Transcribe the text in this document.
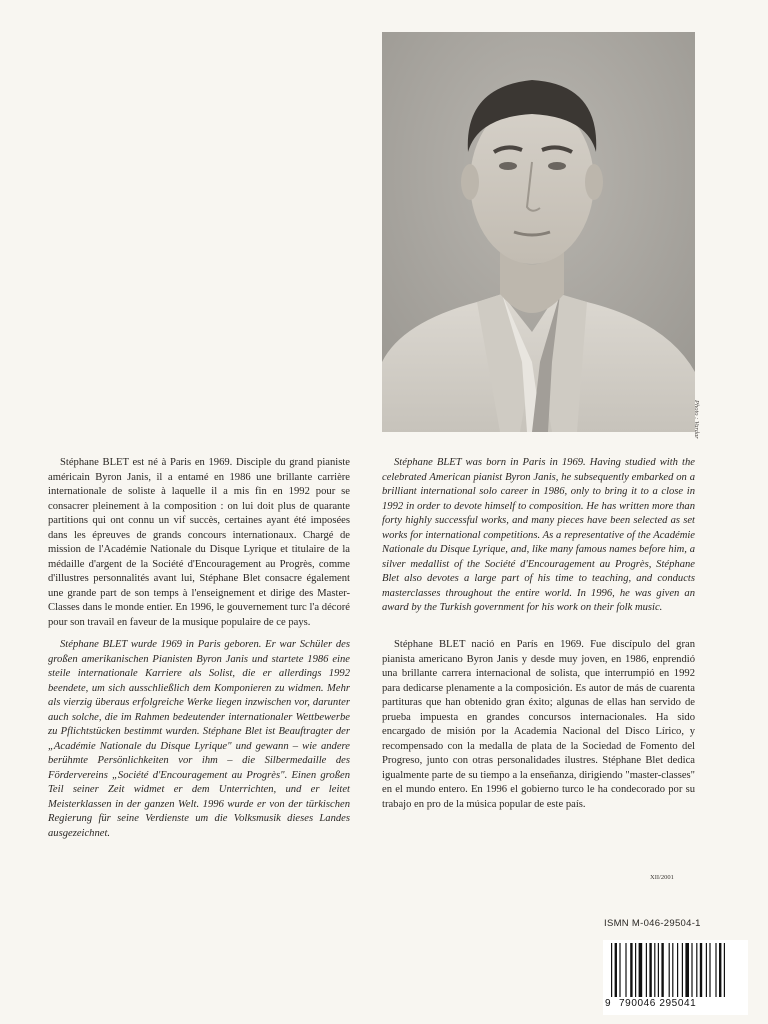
Photo : Vardar

Stéphane BLET est né à Paris en 1969. Disciple du grand pianiste américain Byron Janis, il a entamé en 1986 une brillante carrière internationale de soliste à laquelle il a mis fin en 1992 pour se consacrer pleinement à la composition : on lui doit plus de quarante partitions qui ont connu un vif succès, certaines ayant été imposées dans les épreuves de grands concours internationaux. Chargé de mission de l'Académie Nationale du Disque Lyrique et titulaire de la médaille d'argent de la Société d'Encouragement au Progrès, comme d'illustres personnalités avant lui, Stéphane Blet consacre également une grande part de son temps à l'enseignement et dirige des Master-Classes dans le monde entier. En 1996, le gouvernement turc l'a décoré pour son travail en faveur de la musique populaire de ce pays.

Stéphane BLET was born in Paris in 1969. Having studied with the celebrated American pianist Byron Janis, he subsequently embarked on a brilliant international solo career in 1986, only to bring it to a close in 1992 in order to devote himself to composition. He has written more than forty highly successful works, and many pieces have been selected as set works for international competitions. As a representative of the Académie Nationale du Disque Lyrique, and, like many famous names before him, a silver medallist of the Société d'Encouragement au Progrès, Stéphane Blet also devotes a large part of his time to teaching, and conducts masterclasses throughout the entire world. In 1996, he was given an award by the Turkish government for his work on their folk music.

Stéphane BLET wurde 1969 in Paris geboren. Er war Schüler des großen amerikanischen Pianisten Byron Janis und startete 1986 eine steile internationale Karriere als Solist, die er allerdings 1992 beendete, um sich ausschließlich dem Komponieren zu widmen. Mehr als vierzig überaus erfolgreiche Werke liegen inzwischen vor, darunter auch solche, die im Rahmen bedeutender internationaler Wettbewerbe zu Pflichtstücken bestimmt wurden. Stéphane Blet ist Beauftragter der „Académie Nationale du Disque Lyrique" und gewann – wie andere berühmte Persönlichkeiten vor ihm – die Silbermedaille des Fördervereins „Société d'Encouragement au Progrès". Einen großen Teil seiner Zeit widmet er dem Unterrichten, und er leitet Meisterklassen in der ganzen Welt. 1996 wurde er von der türkischen Regierung für seine Verdienste um die Volksmusik dieses Landes ausgezeichnet.

Stéphane BLET nació en París en 1969. Fue discípulo del gran pianista americano Byron Janis y desde muy joven, en 1986, enprendió una brillante carrera internacional de solista, que interrumpió en 1992 para dedicarse plenamente a la composición. Es autor de más de cuarenta partituras que han obtenido gran éxito; algunas de ellas han servido de prueba impuesta en grandes concursos internacionales. Ha sido encargado de misión por la Academia Nacional del Disco Lírico, y recompensado con la medalla de plata de la Sociedad de Fomento del Progreso, junto con otras personalidades ilustres. Stéphane Blet dedica igualmente parte de su tiempo a la enseñanza, dirigiendo "master-classes" en el mundo entero. En 1996 el gobierno turco le ha condecorado por su trabajo en pro de la música popular de este país.

XII/2001
ISMN M-046-29504-1
9 790046 295041
